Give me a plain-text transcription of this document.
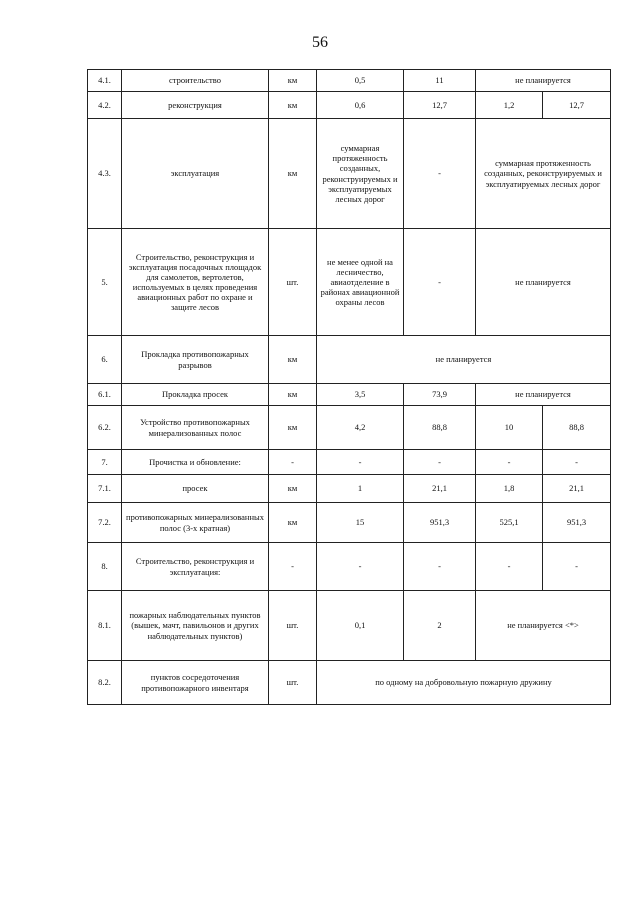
56
4.1.	строительство	км	0,5	11	не планируется	
4.2.	реконструкция	км	0,6	12,7	1,2	12,7
4.3.	эксплуатация	км	суммарная протяженность созданных, реконструируемых и эксплуатируемых лесных дорог	-	суммарная протяженность созданных, реконструируемых и эксплуатируемых лесных дорог	
5.	Строительство, реконструкция и эксплуатация посадочных площадок для самолетов, вертолетов, используемых в целях проведения авиационных работ по охране и защите лесов	шт.	не менее одной на лесничество, авиаотделение в районах авиационной охраны лесов	-	не планируется	
6.	Прокладка противопожарных разрывов	км	не планируется			
6.1.	Прокладка просек	км	3,5	73,9	не планируется	
6.2.	Устройство противопожарных минерализованных полос	км	4,2	88,8	10	88,8
7.	Прочистка и обновление:	-	-	-	-	-
7.1.	просек	км	1	21,1	1,8	21,1
7.2.	противопожарных минерализованных полос (3-х кратная)	км	15	951,3	525,1	951,3
8.	Строительство, реконструкция и эксплуатация:	-	-	-	-	-
8.1.	пожарных наблюдательных пунктов (вышек, мачт, павильонов и других наблюдательных пунктов)	шт.	0,1	2	не планируется <*>	
8.2.	пунктов сосредоточения противопожарного инвентаря	шт.	по одному на добровольную пожарную дружину			
